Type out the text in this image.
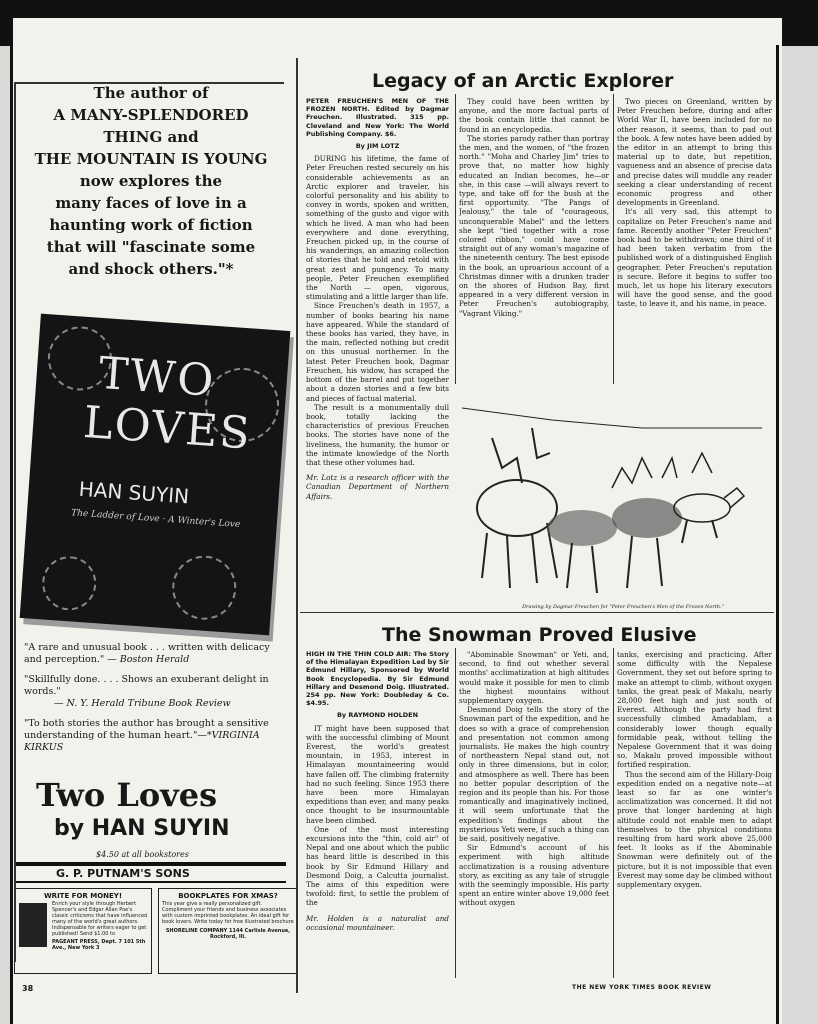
The author of
A MANY-SPLENDORED
THING and
THE MOUNTAIN IS YOUNG
now explores the
many faces of love in a
haunting work of fiction
that will "fascinate some
and shock others."*
TWO
LOVES
HAN SUYIN
The Ladder of Love · A Winter's Love

"A rare and unusual book . . . written with delicacy and perception." — Boston Herald

"Skillfully done. . . . Shows an exuberant delight in words."
— N. Y. Herald Tribune Book Review

"To both stories the author has brought a sensitive understanding of the human heart."—*VIRGINIA KIRKUS

Two Loves
by HAN SUYIN
$4.50 at all bookstores
G. P. PUTNAM'S SONS
WRITE FOR MONEY!
Enrich your style through Herbert Spencer's and Edgar Allan Poe's classic criticisms that have influenced many of the world's great authors. Indispensable for writers eager to get published! Send $1.00 to
PAGEANT PRESS, Dept. 7 101 5th Ave., New York 3
BOOKPLATES FOR XMAS?
This year give a really personalized gift. Compliment your friends and business associates with custom imprinted bookplates. An ideal gift for book lovers. Write today for free illustrated brochure
SHORELINE COMPANY 1144 Carlisle Avenue, Rockford, Ill.
38
Legacy of an Arctic Explorer

PETER FREUCHEN'S MEN OF THE FROZEN NORTH. Edited by Dagmar Freuchen. Illustrated. 315 pp. Cleveland and New York: The World Publishing Company. $6.

By JIM LOTZ

DURING his lifetime, the fame of Peter Freuchen rested securely on his considerable achievements as an Arctic explorer and traveler, his colorful personality and his ability to convey in words, spoken and written, something of the gusto and vigor with which he lived. A man who had been everywhere and done everything, Freuchen picked up, in the course of his wanderings, an amazing collection of stories that he told and retold with great zest and pungency. To many people, Peter Freuchen exemplified the North — open, vigorous, stimulating and a little larger than life.

Since Freuchen's death in 1957, a number of books bearing his name have appeared. While the standard of these books has varied, they have, in the main, reflected nothing but credit on this unusual northerner. In the latest Peter Freuchen book, Dagmar Freuchen, his widow, has scraped the bottom of the barrel and put together about a dozen stories and a few bits and pieces of factual material.

The result is a monumentally dull book, totally lacking the characteristics of previous Freuchen books. The stories have none of the liveliness, the humanity, the humor or the intimate knowledge of the North that these other volumes had.

Mr. Lotz is a research officer with the Canadian Department of Northern Affairs.

They could have been written by anyone, and the more factual parts of the book contain little that cannot be found in an encyclopedia.

The stories parody rather than portray the men, and the women, of "the frozen north." "Moha and Charley Jim" tries to prove that, no matter how highly educated an Indian becomes, he—or she, in this case —will always revert to type, and take off for the bush at the first opportunity. "The Pangs of Jealousy," the tale of "courageous, unconquerable Mabel" and the letters she kept "tied together with a rose colored ribbon," could have come straight out of any woman's magazine of the nineteenth century. The best episode in the book, an uproarious account of a Christmas dinner with a drunken trader on the shores of Hudson Bay, first appeared in a very different version in Peter Freuchen's autobiography, "Vagrant Viking."

Two pieces on Greenland, written by Peter Freuchen before, during and after World War II, have been included for no other reason, it seems, than to pad out the book. A few notes have been added by the editor in an attempt to bring this material up to date, but repetition, vagueness and an absence of precise data and precise dates will muddle any reader seeking a clear understanding of recent economic progress and other developments in Greenland.

It's all very sad, this attempt to capitalize on Peter Freuchen's name and fame. Recently another "Peter Freuchen" book had to be withdrawn; one third of it had been taken verbatim from the published work of a distinguished English geographer. Peter Freuchen's reputation is secure. Before it begins to suffer too much, let us hope his literary executors will have the good sense, and the good taste, to leave it, and his name, in peace.

Drawing by Dagmar Freuchen for "Peter Freuchen's Men of the Frozen North."
The Snowman Proved Elusive

HIGH IN THE THIN COLD AIR: The Story of the Himalayan Expedition Led by Sir Edmund Hillary, Sponsored by World Book Encyclopedia. By Sir Edmund Hillary and Desmond Doig. Illustrated. 254 pp. New York: Doubleday & Co. $4.95.

By RAYMOND HOLDEN

IT might have been supposed that with the successful climbing of Mount Everest, the world's greatest mountain, in 1953, interest in Himalayan mountaineering would have fallen off. The climbing fraternity had no such feeling. Since 1953 there have been more Himalayan expeditions than ever, and many peaks once thought to be insurmountable have been climbed.

One of the most interesting excursions into the "thin, cold air" of Nepal and one about which the public has heard little is described in this book by Sir Edmund Hillary and Desmond Doig, a Calcutta journalist. The aims of this expedition were twofold: first, to settle the problem of the

Mr. Holden is a naturalist and occasional mountaineer.

"Abominable Snowman" or Yeti, and, second, to find out whether several months' acclimatization at high altitudes would make it possible for men to climb the highest mountains without supplementary oxygen.

Desmond Doig tells the story of the Snowman part of the expedition, and he does so with a grace of comprehension and presentation not common among journalists. He makes the high country of northeastern Nepal stand out, not only in three dimensions, but in color, and atmosphere as well. There has been no better popular description of the region and its people than his. For those romantically and imaginatively inclined, it will seem unfortunate that the expedition's findings about the mysterious Yeti were, if such a thing can be said, positively negative.

Sir Edmund's account of his experiment with high altitude acclimatization is a rousing adventure story, as exciting as any tale of struggle with the seemingly impossible. His party spent an entire winter above 19,000 feet without oxygen

tanks, exercising and practicing. After some difficulty with the Nepalese Government, they set out before spring to make an attempt to climb, without oxygen tanks, the great peak of Makalu, nearly 28,000 feet high and just south of Everest. Although the party had first successfully climbed Amadablam, a considerably lower though equally formidable peak, without telling the Nepalese Government that it was doing so, Makalu proved impossible without fortified respiration.

Thus the second aim of the Hillary-Doig expedition ended on a negative note—at least so far as one winter's acclimatization was concerned. It did not prove that longer hardening at high altitude could not enable men to adapt themselves to the physical conditions resulting from hard work above 25,000 feet. It looks as if the Abominable Snowman were definitely out of the picture, but it is not impossible that even Everest may some day be climbed without supplementary oxygen.

THE NEW YORK TIMES BOOK REVIEW
